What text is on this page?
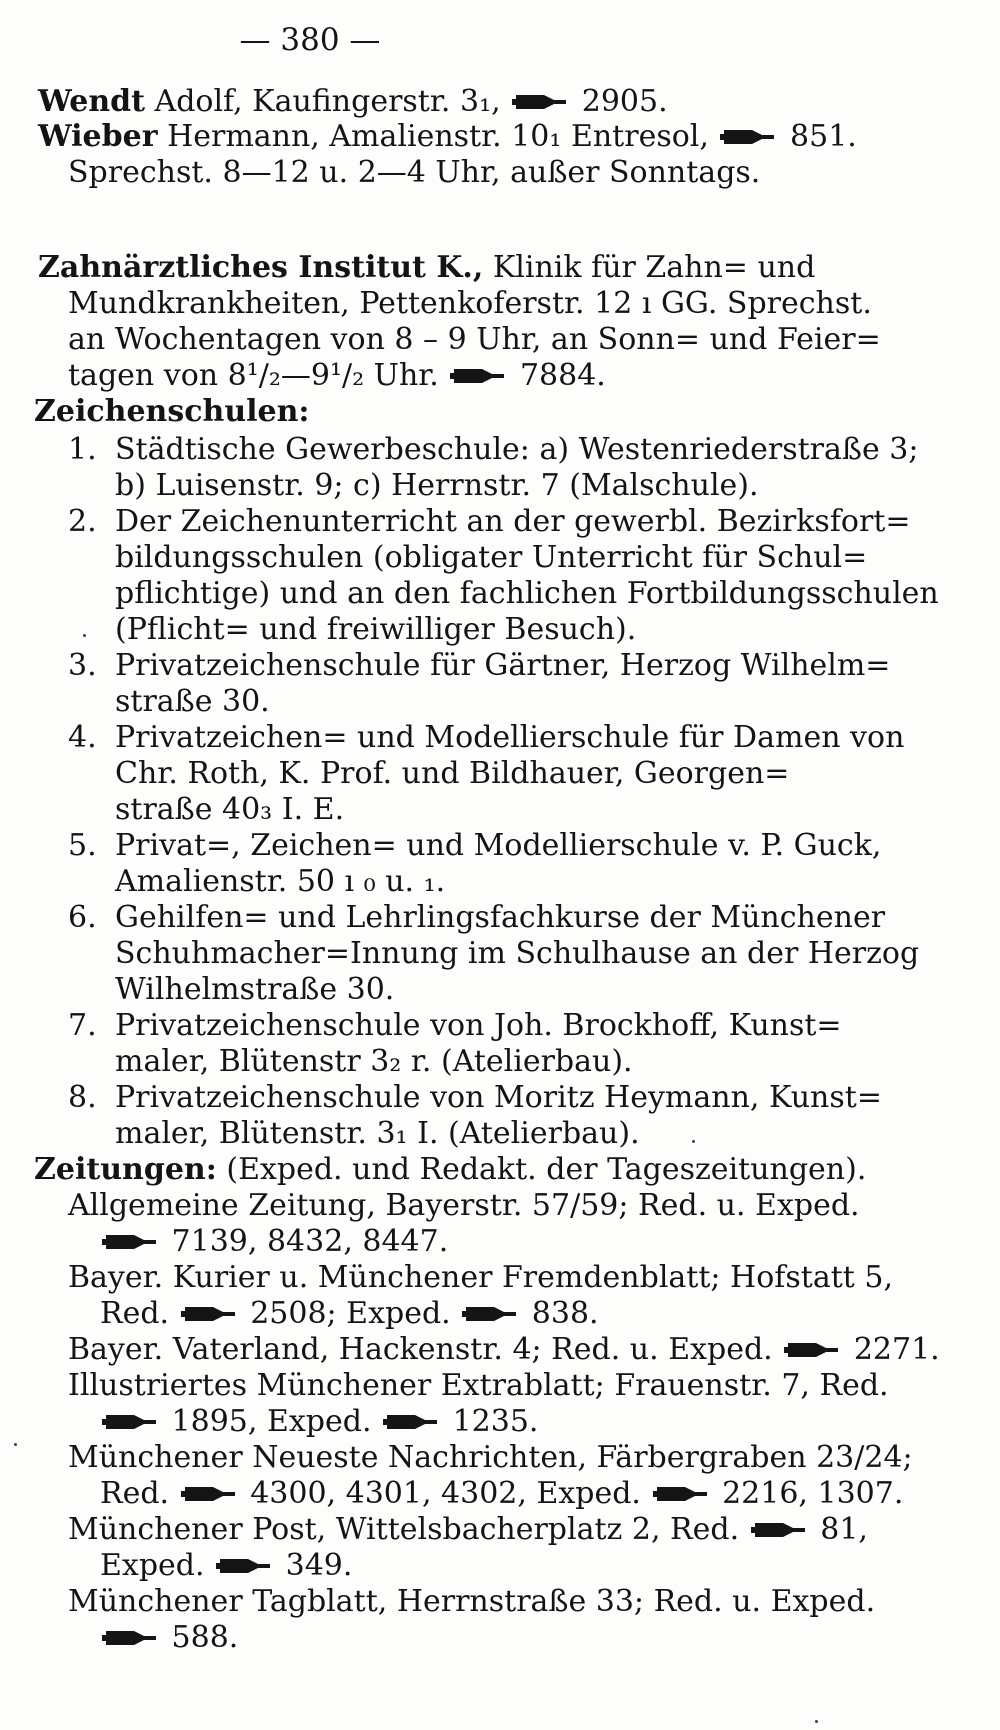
— 380 —
Wendt Adolf, Kaufingerstr. 3₁,	2905.
Wieber Hermann, Amalienstr. 10₁ Entresol,	851.
Sprechst. 8—12 u. 2—4 Uhr, außer Sonntags.
Zahnärztliches Institut K., Klinik für Zahn= und
Mundkrankheiten, Pettenkoferstr. 12 ı GG. Sprechst.
an Wochentagen von 8 – 9 Uhr, an Sonn= und Feier=
tagen von 8¹/₂—9¹/₂ Uhr.	7884.
Zeichenschulen:
1. Städtische Gewerbeschule: a) Westenriederstraße 3;
b) Luisenstr. 9; c) Herrnstr. 7 (Malschule).
2. Der Zeichenunterricht an der gewerbl. Bezirksfort=
bildungsschulen (obligater Unterricht für Schul=
pflichtige) und an den fachlichen Fortbildungsschulen
(Pflicht= und freiwilliger Besuch).
3. Privatzeichenschule für Gärtner, Herzog Wilhelm=
straße 30.
4. Privatzeichen= und Modellierschule für Damen von
Chr. Roth, K. Prof. und Bildhauer, Georgen=
straße 40₃ I. E.
5. Privat=, Zeichen= und Modellierschule v. P. Guck,
Amalienstr. 50 ı ₀ u. ₁.
6. Gehilfen= und Lehrlingsfachkurse der Münchener
Schuhmacher=Innung im Schulhause an der Herzog
Wilhelmstraße 30.
7. Privatzeichenschule von Joh. Brockhoff, Kunst=
maler, Blütenstr 3₂ r. (Atelierbau).
8. Privatzeichenschule von Moritz Heymann, Kunst=
maler, Blütenstr. 3₁ I. (Atelierbau).
Zeitungen: (Exped. und Redakt. der Tageszeitungen).
Allgemeine Zeitung, Bayerstr. 57/59; Red. u. Exped.
7139, 8432, 8447.
Bayer. Kurier u. Münchener Fremdenblatt; Hofstatt 5,
Red.	2508; Exped.	838.
Bayer. Vaterland, Hackenstr. 4; Red. u. Exped.	2271.
Illustriertes Münchener Extrablatt; Frauenstr. 7, Red.
1895, Exped.	1235.
Münchener Neueste Nachrichten, Färbergraben 23/24;
Red.	4300, 4301, 4302, Exped.	2216, 1307.
Münchener Post, Wittelsbacherplatz 2, Red.	81,
Exped.	349.
Münchener Tagblatt, Herrnstraße 33; Red. u. Exped.
588.
